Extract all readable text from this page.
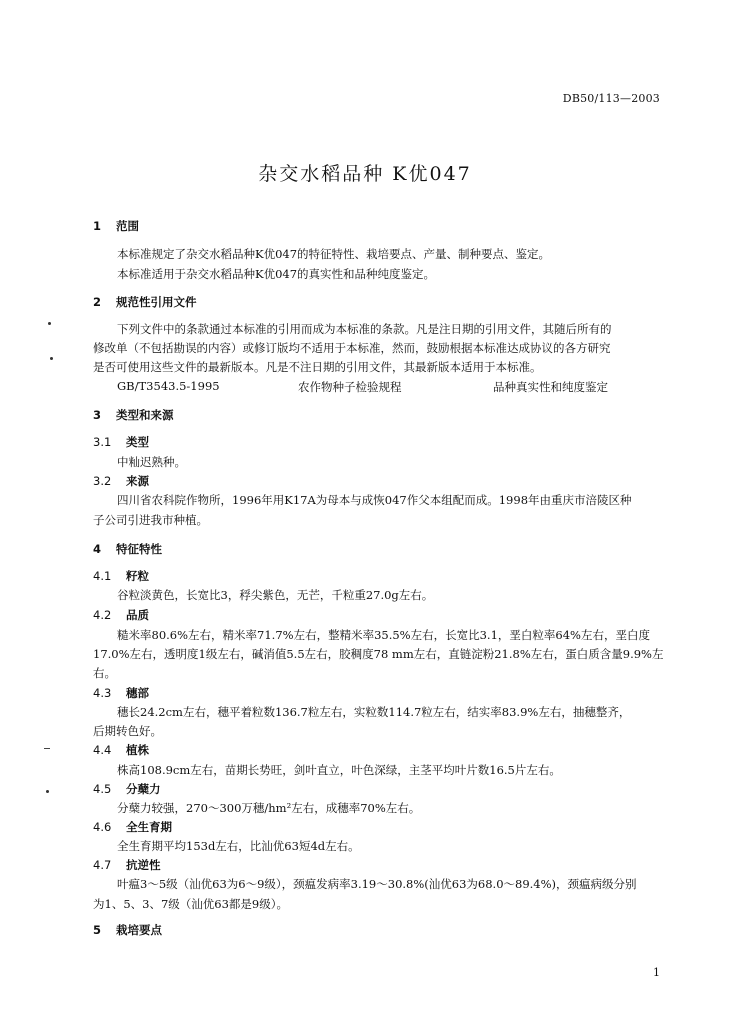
DB50/113—2003
杂交水稻品种 K优047
1 范围
本标准规定了杂交水稻品种K优047的特征特性、栽培要点、产量、制种要点、鉴定。
本标准适用于杂交水稻品种K优047的真实性和品种纯度鉴定。
2 规范性引用文件
下列文件中的条款通过本标准的引用而成为本标准的条款。凡是注日期的引用文件，其随后所有的
修改单（不包括勘误的内容）或修订版均不适用于本标准，然而，鼓励根据本标准达成协议的各方研究
是否可使用这些文件的最新版本。凡是不注日期的引用文件，其最新版本适用于本标准。
GB/T3543.5-1995	农作物种子检验规程	品种真实性和纯度鉴定
3 类型和来源
3.1 类型
中籼迟熟种。
3.2 来源
四川省农科院作物所，1996年用K17A为母本与成恢047作父本组配而成。1998年由重庆市涪陵区种
子公司引进我市种植。
4 特征特性
4.1 籽粒
谷粒淡黄色，长宽比3，稃尖紫色，无芒，千粒重27.0g左右。
4.2 品质
糙米率80.6%左右，精米率71.7%左右，整精米率35.5%左右，长宽比3.1，垩白粒率64%左右，垩白度
17.0%左右，透明度1级左右，碱消值5.5左右，胶稠度78 mm左右，直链淀粉21.8%左右，蛋白质含量9.9%左
右。
4.3 穗部
穗长24.2cm左右，穗平着粒数136.7粒左右，实粒数114.7粒左右，结实率83.9%左右，抽穗整齐，
后期转色好。
4.4 植株
株高108.9cm左右，苗期长势旺，剑叶直立，叶色深绿，主茎平均叶片数16.5片左右。
4.5 分蘖力
分蘖力较强，270～300万穗/hm²左右，成穗率70%左右。
4.6 全生育期
全生育期平均153d左右，比汕优63短4d左右。
4.7 抗逆性
叶瘟3～5级（汕优63为6～9级），颈瘟发病率3.19～30.8%(汕优63为68.0～89.4%)，颈瘟病级分别
为1、5、3、7级（汕优63都是9级）。
5 栽培要点
1
